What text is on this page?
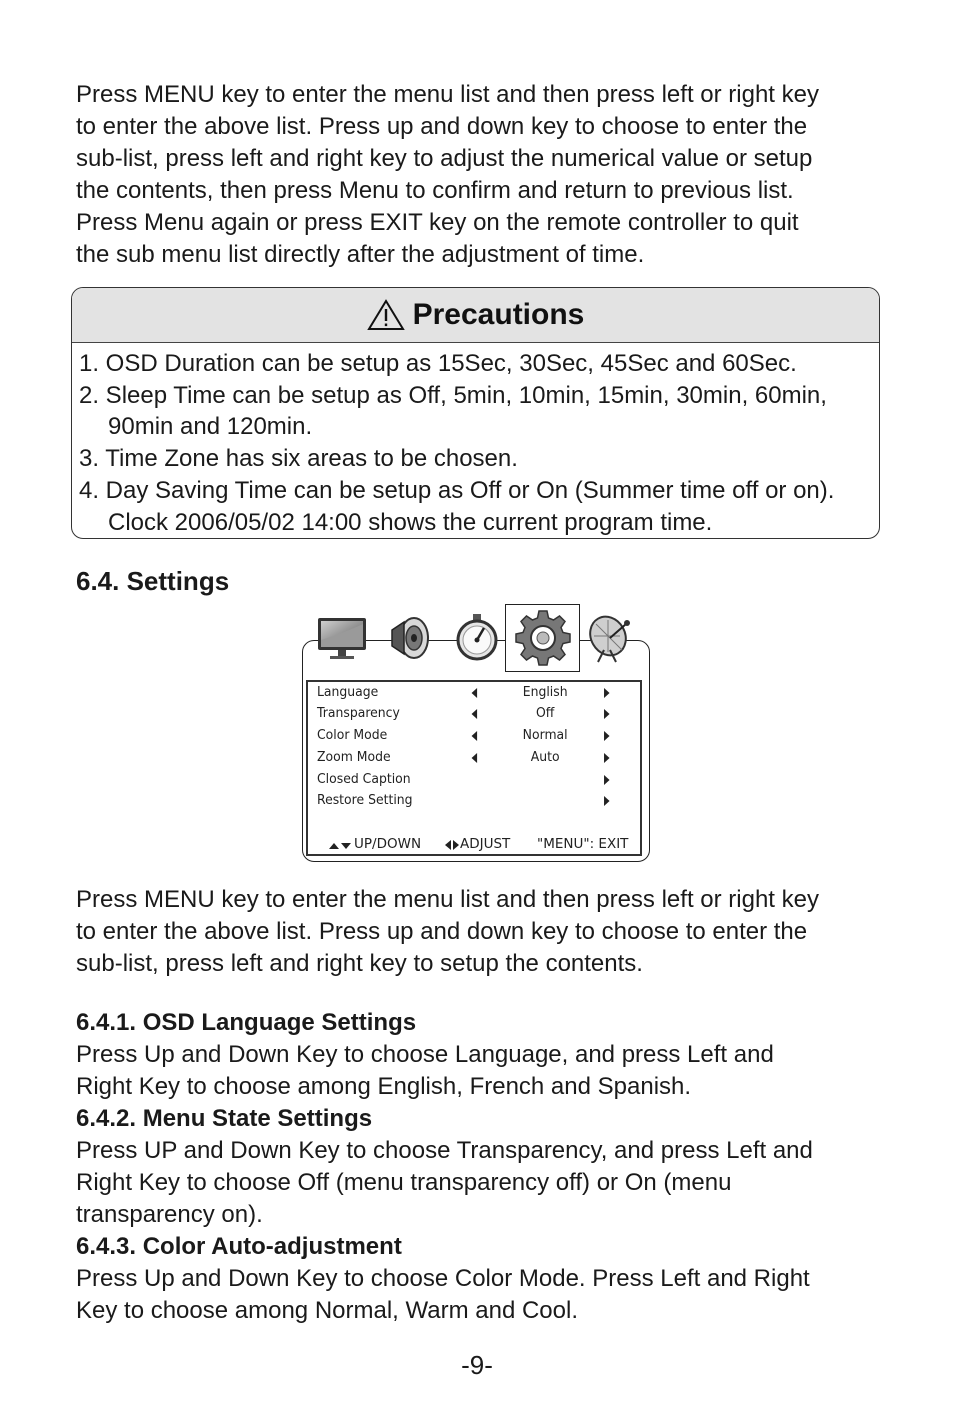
Press MENU key to enter the menu list and then press left or right key
to enter the above list. Press up and down key to choose to enter the
sub-list, press left and right key to adjust the numerical value or setup
the contents, then press Menu to confirm and return to previous list.
Press Menu again or press EXIT key on the remote controller to quit
the sub menu list directly after the adjustment of time.

Precautions
1. OSD Duration can be setup as 15Sec, 30Sec, 45Sec and 60Sec.
2. Sleep Time can be setup as Off, 5min, 10min, 15min, 30min, 60min,
90min and 120min.
3. Time Zone has six areas to be chosen.
4. Day Saving Time can be setup as Off or On (Summer time off or on).
Clock 2006/05/02 14:00 shows the current program time.
6.4. Settings
Language	English
Transparency	Off
Color Mode	Normal
Zoom Mode	Auto
Closed Caption
Restore Setting
UP/DOWN	ADJUST "MENU": EXIT

Press MENU key to enter the menu list and then press left or right key
to enter the above list. Press up and down key to choose to enter the
sub-list, press left and right key to setup the contents.

6.4.1. OSD Language Settings
Press Up and Down Key to choose Language, and press Left and
Right Key to choose among English, French and Spanish.
6.4.2. Menu State Settings
Press UP and Down Key to choose Transparency, and press Left and
Right Key to choose Off (menu transparency off) or On (menu
transparency on).
6.4.3. Color Auto-adjustment
Press Up and Down Key to choose Color Mode. Press Left and Right
Key to choose among Normal, Warm and Cool.
-9-
